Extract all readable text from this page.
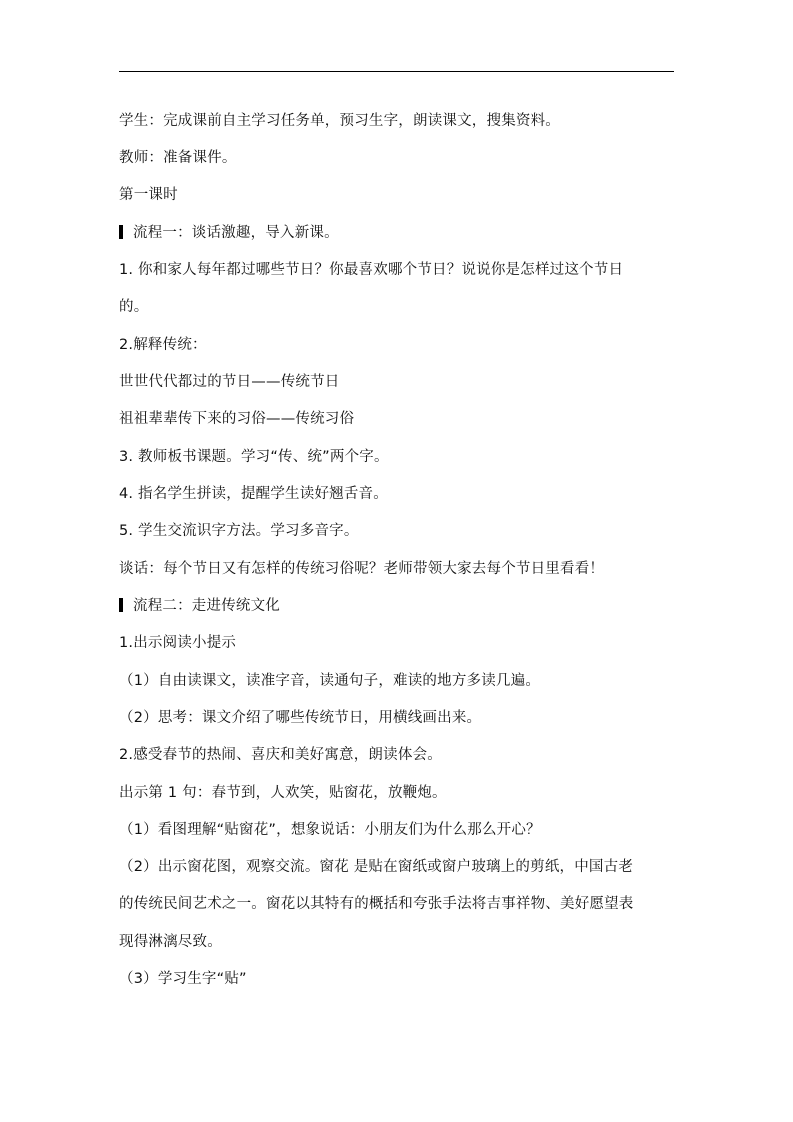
学生：完成课前自主学习任务单，预习生字，朗读课文，搜集资料。
教师：准备课件。
第一课时
流程一：谈话激趣，导入新课。
1. 你和家人每年都过哪些节日？你最喜欢哪个节日？说说你是怎样过这个节日
的。
2.解释传统：
世世代代都过的节日——传统节日
祖祖辈辈传下来的习俗——传统习俗
3. 教师板书课题。学习“传、统”两个字。
4. 指名学生拼读，提醒学生读好翘舌音。
5. 学生交流识字方法。学习多音字。
谈话：每个节日又有怎样的传统习俗呢？老师带领大家去每个节日里看看！
流程二：走进传统文化
1.出示阅读小提示
（1）自由读课文，读准字音，读通句子，难读的地方多读几遍。
（2）思考：课文介绍了哪些传统节日，用横线画出来。
2.感受春节的热闹、喜庆和美好寓意，朗读体会。
出示第 1 句：春节到，人欢笑，贴窗花，放鞭炮。
（1）看图理解“贴窗花”，想象说话：小朋友们为什么那么开心？
（2）出示窗花图，观察交流。窗花 是贴在窗纸或窗户玻璃上的剪纸，中国古老
的传统民间艺术之一。窗花以其特有的概括和夸张手法将吉事祥物、美好愿望表
现得淋漓尽致。
（3）学习生字“贴”
